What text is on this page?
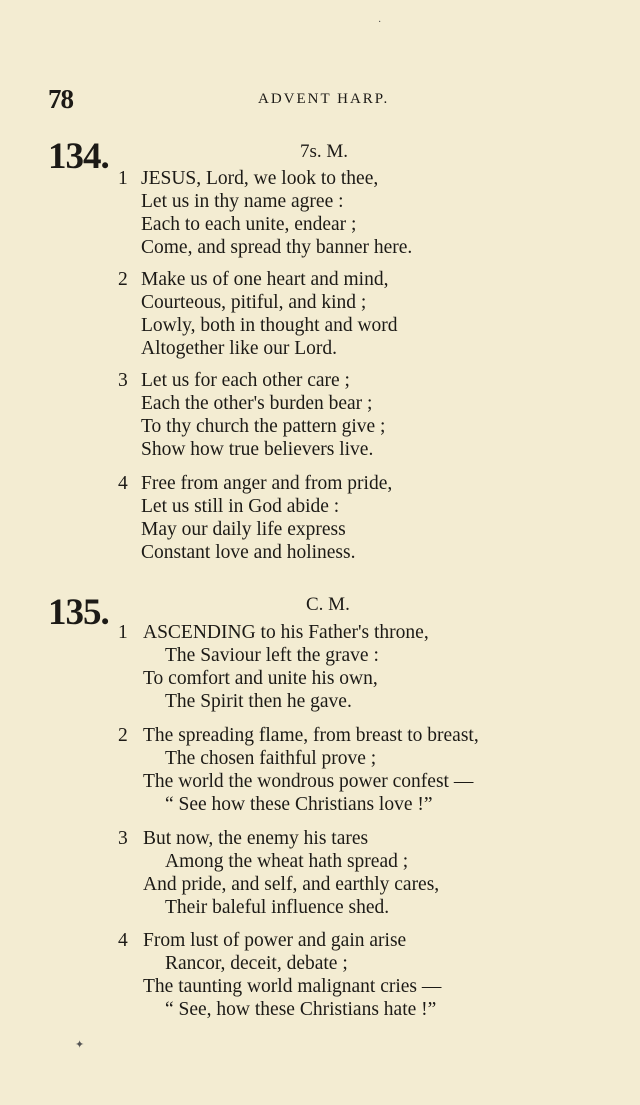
·
78	ADVENT HARP.
134.	7s. M.
1 JESUS, Lord, we look to thee,
Let us in thy name agree :
Each to each unite, endear ;
Come, and spread thy banner here.
2 Make us of one heart and mind,
Courteous, pitiful, and kind ;
Lowly, both in thought and word
Altogether like our Lord.
3 Let us for each other care ;
Each the other's burden bear ;
To thy church the pattern give ;
Show how true believers live.
4 Free from anger and from pride,
Let us still in God abide :
May our daily life express
Constant love and holiness.
135.	C. M.
1 ASCENDING to his Father's throne,
The Saviour left the grave :
To comfort and unite his own,
The Spirit then he gave.
2 The spreading flame, from breast to breast,
The chosen faithful prove ;
The world the wondrous power confest —
“ See how these Christians love !”
3 But now, the enemy his tares
Among the wheat hath spread ;
And pride, and self, and earthly cares,
Their baleful influence shed.
4 From lust of power and gain arise
Rancor, deceit, debate ;
The taunting world malignant cries —
“ See, how these Christians hate !”
✦
